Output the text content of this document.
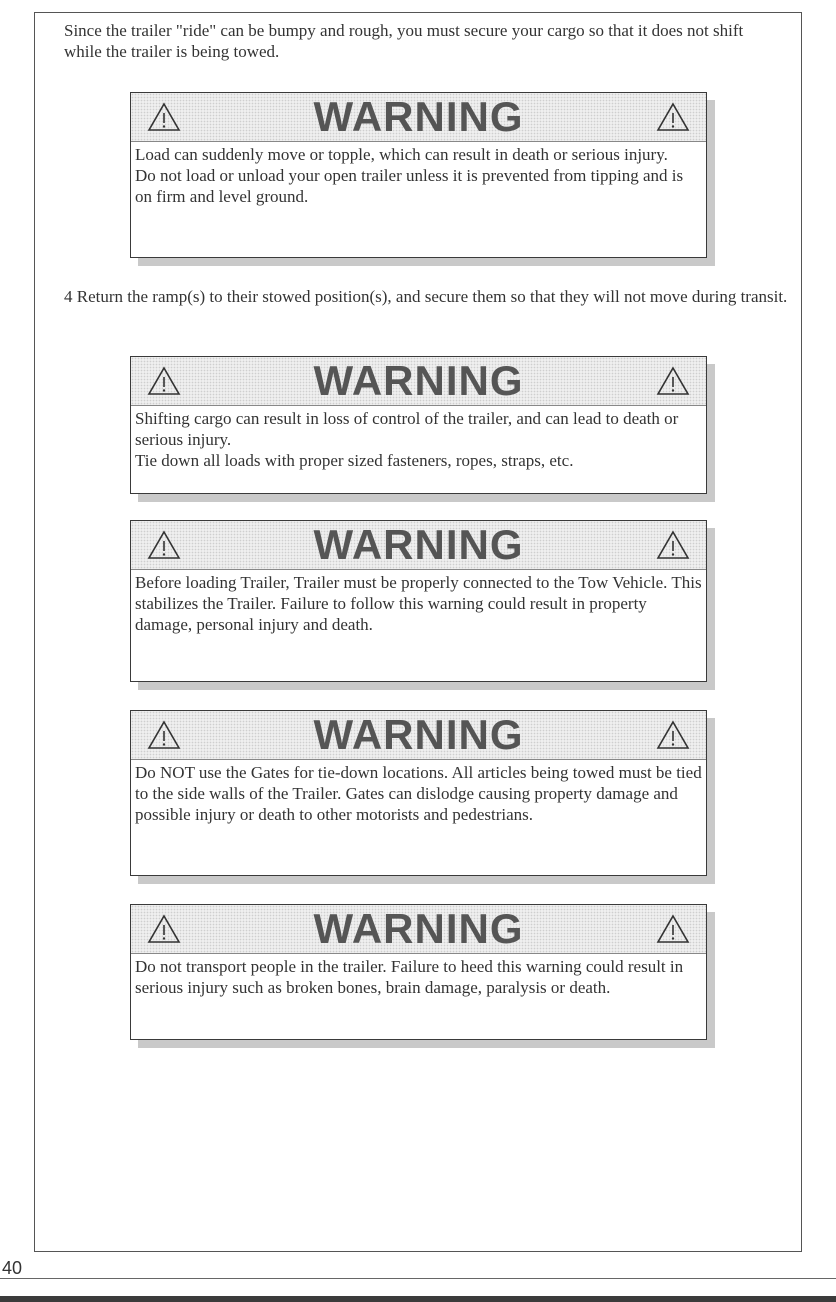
Since the trailer "ride" can be bumpy and rough, you must secure your cargo so that it does not shift while the trailer is being towed.

WARNING

Load can suddenly move or topple, which can result in death or serious injury.

Do not load or unload your open trailer unless it is prevented from tipping and is on firm and level ground.

4 Return the ramp(s) to their stowed position(s), and secure them so that they will not move during transit.

WARNING

Shifting cargo can result in loss of control of the trailer, and can lead to death or serious injury.

Tie down all loads with proper sized fasteners, ropes, straps, etc.

WARNING

Before loading Trailer, Trailer must be properly connected to the Tow Vehicle. This stabilizes the Trailer. Failure to follow this warning could result in property damage, personal injury and death.

WARNING

Do NOT use the Gates for tie-down locations. All articles being towed must be tied to the side walls of the Trailer. Gates can dislodge causing property damage and possible injury or death to other motorists and pedestrians.

WARNING

Do not transport people in the trailer. Failure to heed this warning could result in serious injury such as broken bones, brain damage, paralysis or death.

40
